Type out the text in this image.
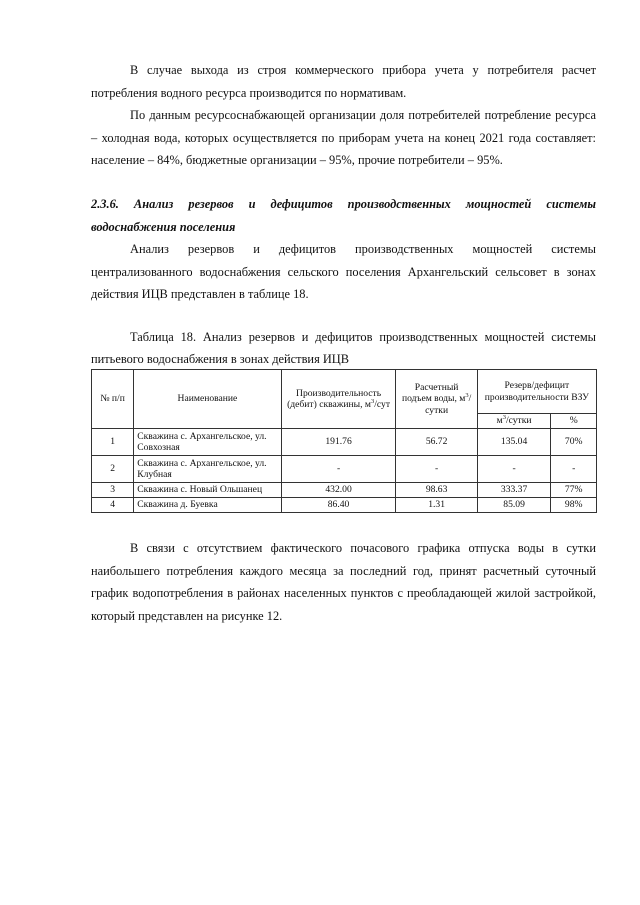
В случае выхода из строя коммерческого прибора учета у потребителя расчет потребления водного ресурса производится по нормативам.

По данным ресурсоснабжающей организации доля потребителей потребление ресурса – холодная вода, которых осуществляется по приборам учета на конец 2021 года составляет: население – 84%, бюджетные организации – 95%, прочие потребители – 95%.

2.3.6. Анализ резервов и дефицитов производственных мощностей системы водоснабжения поселения

Анализ резервов и дефицитов производственных мощностей системы централизованного водоснабжения сельского поселения Архангельский сельсовет в зонах действия ИЦВ представлен в таблице 18.

Таблица 18. Анализ резервов и дефицитов производственных мощностей системы питьевого водоснабжения в зонах действия ИЦВ

№ п/п	Наименование	Производительность (дебит) скважины, $м^3$/сут	Расчетный подъем воды, $м^3$/сутки	Резерв/дефицит производительности ВЗУ	
				$м^3$/сутки	%
1	Скважина с. Архангельское, ул. Совхозная	191.76	56.72	135.04	70%
2	Скважина с. Архангельское, ул. Клубная	-	-	-	-
3	Скважина с. Новый Ольшанец	432.00	98.63	333.37	77%
4	Скважина д. Буевка	86.40	1.31	85.09	98%

В связи с отсутствием фактического почасового графика отпуска воды в сутки наибольшего потребления каждого месяца за последний год, принят расчетный суточный график водопотребления в районах населенных пунктов с преобладающей жилой застройкой, который представлен на рисунке 12.
